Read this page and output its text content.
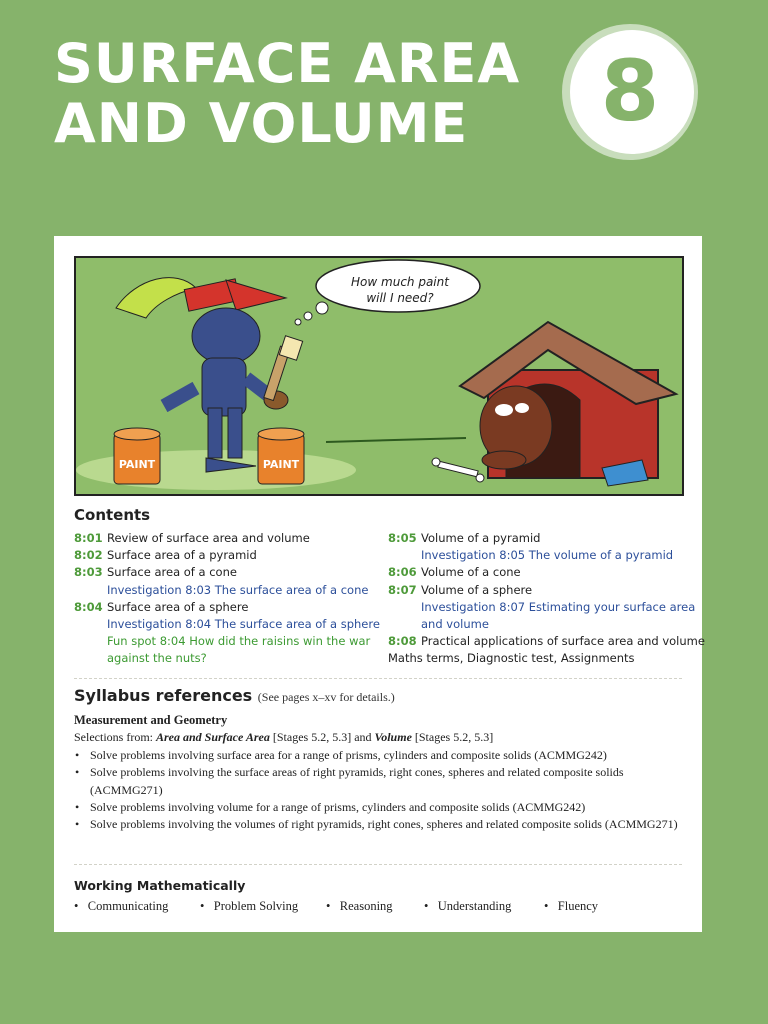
SURFACE AREA
AND VOLUME	8
PAINT	PAINT
How much paint
will I need?
Contents
8:01 Review of surface area and volume
8:02 Surface area of a pyramid
8:03 Surface area of a cone
Investigation 8:03 The surface area of a cone
8:04 Surface area of a sphere
Investigation 8:04 The surface area of a sphere
Fun spot 8:04 How did the raisins win the war
against the nuts?
8:05 Volume of a pyramid
Investigation 8:05 The volume of a pyramid
8:06 Volume of a cone
8:07 Volume of a sphere
Investigation 8:07 Estimating your surface area
and volume
8:08 Practical applications of surface area and volume
Maths terms, Diagnostic test, Assignments
Syllabus references (See pages x–xv for details.)
Measurement and Geometry
Selections from: Area and Surface Area [Stages 5.2, 5.3] and Volume [Stages 5.2, 5.3]
• Solve problems involving surface area for a range of prisms, cylinders and composite solids (ACMMG242)
• Solve problems involving the surface areas of right pyramids, right cones, spheres and related composite solids (ACMMG271)
• Solve problems involving volume for a range of prisms, cylinders and composite solids (ACMMG242)
• Solve problems involving the volumes of right pyramids, right cones, spheres and related composite solids (ACMMG271)
Working Mathematically
•   Communicating	•   Problem Solving •   Reasoning	•   Understanding	•   Fluency
